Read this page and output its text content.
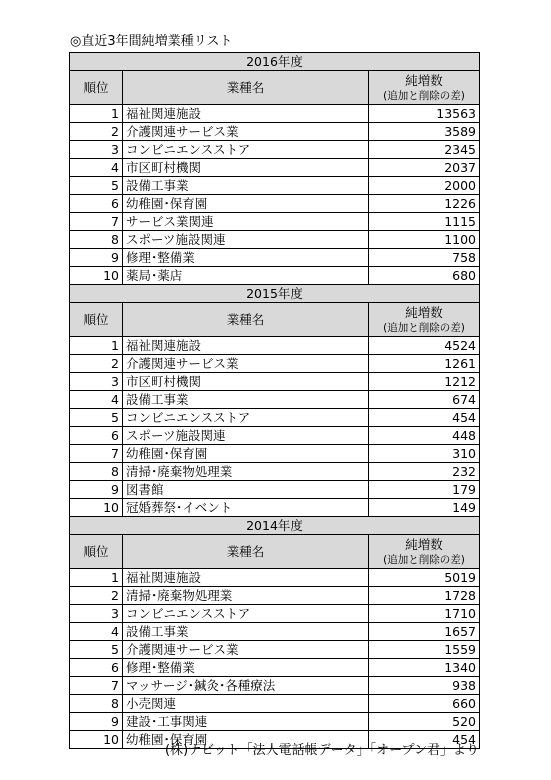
◎直近3年間純増業種リスト
2016年度		
順位	業種名	純増数
(追加と削除の差)

1	福祉関連施設	13563
2	介護関連サービス業	3589
3	コンビニエンスストア	2345
4	市区町村機関	2037
5	設備工事業	2000
6	幼稚園･保育園	1226
7	サービス業関連	1115
8	スポーツ施設関連	1100
9	修理･整備業	758
10	薬局･薬店	680
2015年度		
順位	業種名	純増数
(追加と削除の差)

1	福祉関連施設	4524
2	介護関連サービス業	1261
3	市区町村機関	1212
4	設備工事業	674
5	コンビニエンスストア	454
6	スポーツ施設関連	448
7	幼稚園･保育園	310
8	清掃･廃棄物処理業	232
9	図書館	179
10	冠婚葬祭･イベント	149
2014年度		
順位	業種名	純増数
(追加と削除の差)

1	福祉関連施設	5019
2	清掃･廃棄物処理業	1728
3	コンビニエンスストア	1710
4	設備工事業	1657
5	介護関連サービス業	1559
6	修理･整備業	1340
7	マッサージ･鍼灸･各種療法	938
8	小売関連	660
9	建設･工事関連	520
10	幼稚園･保育園	454
(株)ナビット「法人電話帳データ」「オープン君」より
